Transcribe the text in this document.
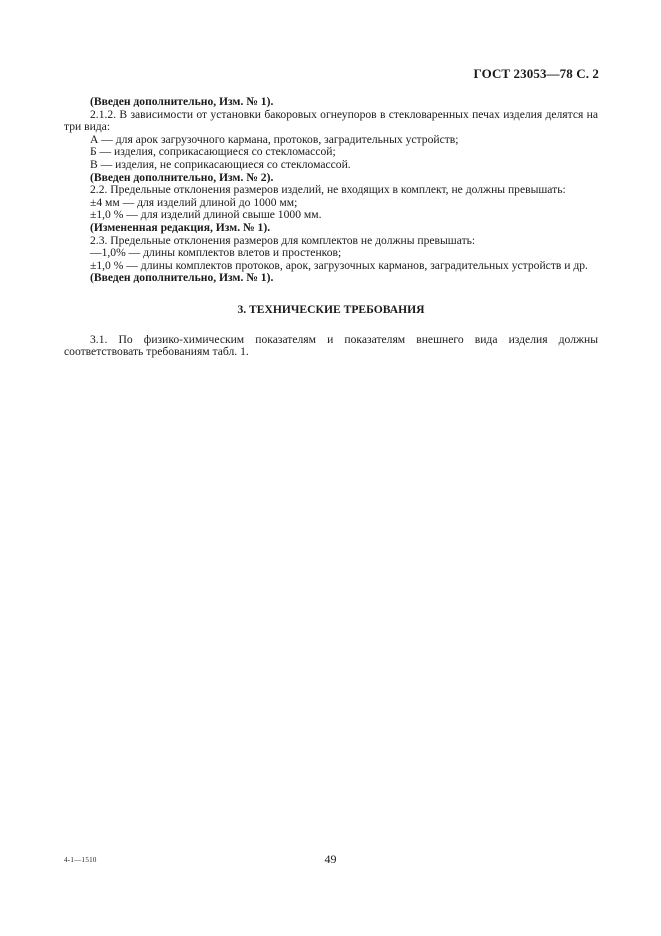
ГОСТ 23053—78 С. 2

(Введен дополнительно, Изм. № 1).

2.1.2. В зависимости от установки бакоровых огнеупоров в стекловаренных печах изделия делятся на три вида:

А — для арок загрузочного кармана, протоков, заградительных устройств;

Б — изделия, соприкасающиеся со стекломассой;

В — изделия, не соприкасающиеся со стекломассой.

(Введен дополнительно, Изм. № 2).

2.2. Предельные отклонения размеров изделий, не входящих в комплект, не должны превышать:

±4 мм — для изделий длиной до 1000 мм;

±1,0 % — для изделий длиной свыше 1000 мм.

(Измененная редакция, Изм. № 1).

2.3. Предельные отклонения размеров для комплектов не должны превышать:

—1,0% — длины комплектов влетов и простенков;

±1,0 % — длины комплектов протоков, арок, загрузочных карманов, заградительных устройств и др.

(Введен дополнительно, Изм. № 1).

3. ТЕХНИЧЕСКИЕ ТРЕБОВАНИЯ

3.1. По физико-химическим показателям и показателям внешнего вида изделия должны соответствовать требованиям табл. 1.

4-1—1510	49
